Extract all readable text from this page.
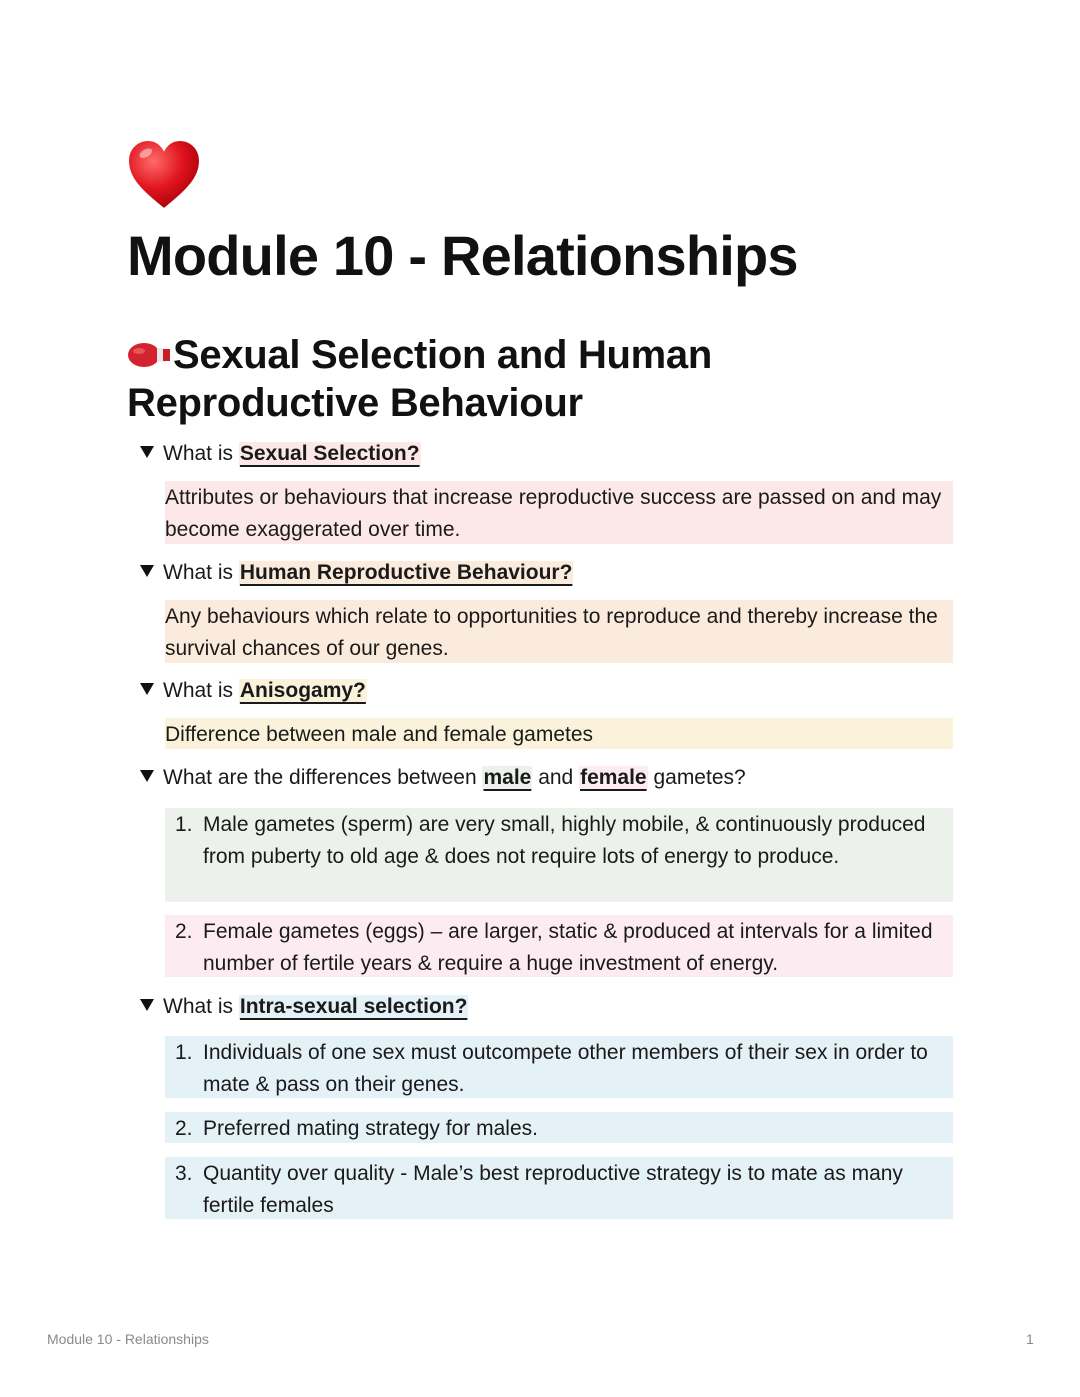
Module 10 - Relationships
Sexual Selection and Human Reproductive Behaviour
What is Sexual Selection?
Attributes or behaviours that increase reproductive success are passed on and may become exaggerated over time.
What is Human Reproductive Behaviour?
Any behaviours which relate to opportunities to reproduce and thereby increase the survival chances of our genes.
What is Anisogamy?
Difference between male and female gametes
What are the differences between male and female gametes?
1. Male gametes (sperm) are very small, highly mobile, & continuously produced from puberty to old age & does not require lots of energy to produce.
2. Female gametes (eggs) – are larger, static & produced at intervals for a limited number of fertile years & require a huge investment of energy.
What is Intra-sexual selection?
1. Individuals of one sex must outcompete other members of their sex in order to mate & pass on their genes.
2. Preferred mating strategy for males.
3. Quantity over quality - Male’s best reproductive strategy is to mate as many fertile females
Module 10 - Relationships	1
